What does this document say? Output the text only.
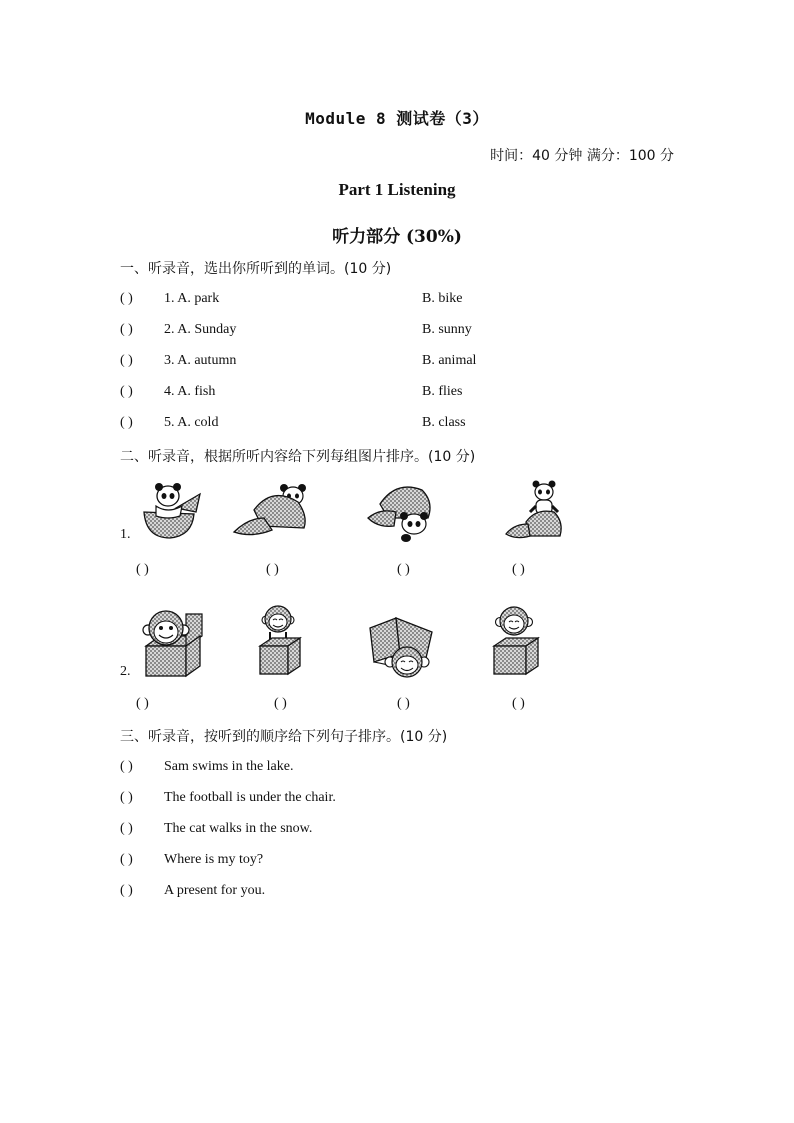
Module 8 测试卷（3）
时间：40 分钟 满分：100 分
Part 1 Listening
听力部分 (30%)
一、听录音，选出你所听到的单词。(10 分)
( ) 1. A. park	B. bike
( ) 2. A. Sunday	B. sunny
( ) 3. A. autumn	B. animal
( ) 4. A. fish	B. flies
( ) 5. A. cold	B. class
二、听录音，根据所听内容给下列每组图片排序。(10 分)
1.
( )	( )	( )	( )
2.
( )	( )	( )	( )
三、听录音，按听到的顺序给下列句子排序。(10 分)
( ) Sam swims in the lake.
( ) The football is under the chair.
( ) The cat walks in the snow.
( ) Where is my toy?
( ) A present for you.
